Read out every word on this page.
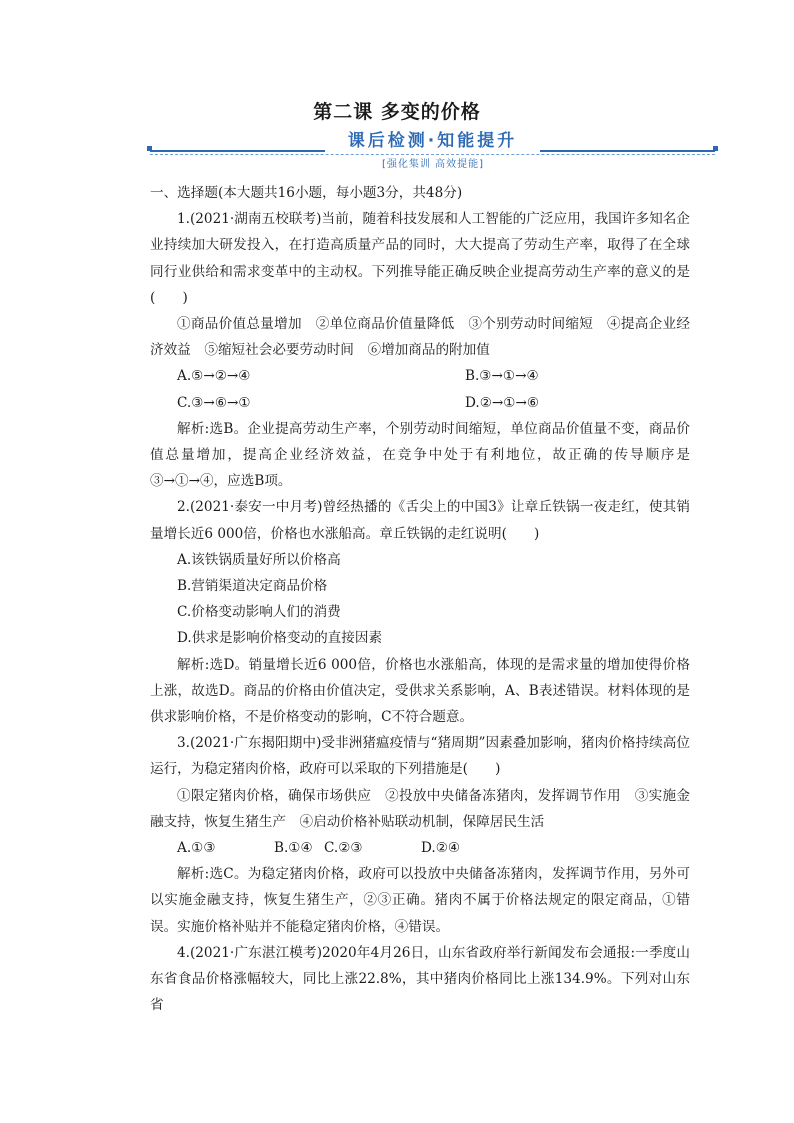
第二课 多变的价格
课后检测·知能提升
[强化集训 高效提能]

一、选择题(本大题共16小题，每小题3分，共48分)

1.(2021·湖南五校联考)当前，随着科技发展和人工智能的广泛应用，我国许多知名企业持续加大研发投入，在打造高质量产品的同时，大大提高了劳动生产率，取得了在全球同行业供给和需求变革中的主动权。下列推导能正确反映企业提高劳动生产率的意义的是(　　)

①商品价值总量增加　②单位商品价值量降低　③个别劳动时间缩短　④提高企业经济效益　⑤缩短社会必要劳动时间　⑥增加商品的附加值

A.⑤→②→④	B.③→①→④
C.③→⑥→①	D.②→①→⑥

解析:选B。企业提高劳动生产率，个别劳动时间缩短，单位商品价值量不变，商品价值总量增加，提高企业经济效益，在竞争中处于有利地位，故正确的传导顺序是③→①→④，应选B项。

2.(2021·泰安一中月考)曾经热播的《舌尖上的中国3》让章丘铁锅一夜走红，使其销量增长近6 000倍，价格也水涨船高。章丘铁锅的走红说明(　　)

A.该铁锅质量好所以价格高

B.营销渠道决定商品价格

C.价格变动影响人们的消费

D.供求是影响价格变动的直接因素

解析:选D。销量增长近6 000倍，价格也水涨船高，体现的是需求量的增加使得价格上涨，故选D。商品的价格由价值决定，受供求关系影响，A、B表述错误。材料体现的是供求影响价格，不是价格变动的影响，C不符合题意。

3.(2021·广东揭阳期中)受非洲猪瘟疫情与“猪周期”因素叠加影响，猪肉价格持续高位运行，为稳定猪肉价格，政府可以采取的下列措施是(　　)

①限定猪肉价格，确保市场供应　②投放中央储备冻猪肉，发挥调节作用　③实施金融支持，恢复生猪生产　④启动价格补贴联动机制，保障居民生活

A.①③	B.①④ C.②③	D.②④

解析:选C。为稳定猪肉价格，政府可以投放中央储备冻猪肉，发挥调节作用，另外可以实施金融支持，恢复生猪生产，②③正确。猪肉不属于价格法规定的限定商品，①错误。实施价格补贴并不能稳定猪肉价格，④错误。

4.(2021·广东湛江模考)2020年4月26日，山东省政府举行新闻发布会通报:一季度山东省食品价格涨幅较大，同比上涨22.8%，其中猪肉价格同比上涨134.9%。下列对山东省
